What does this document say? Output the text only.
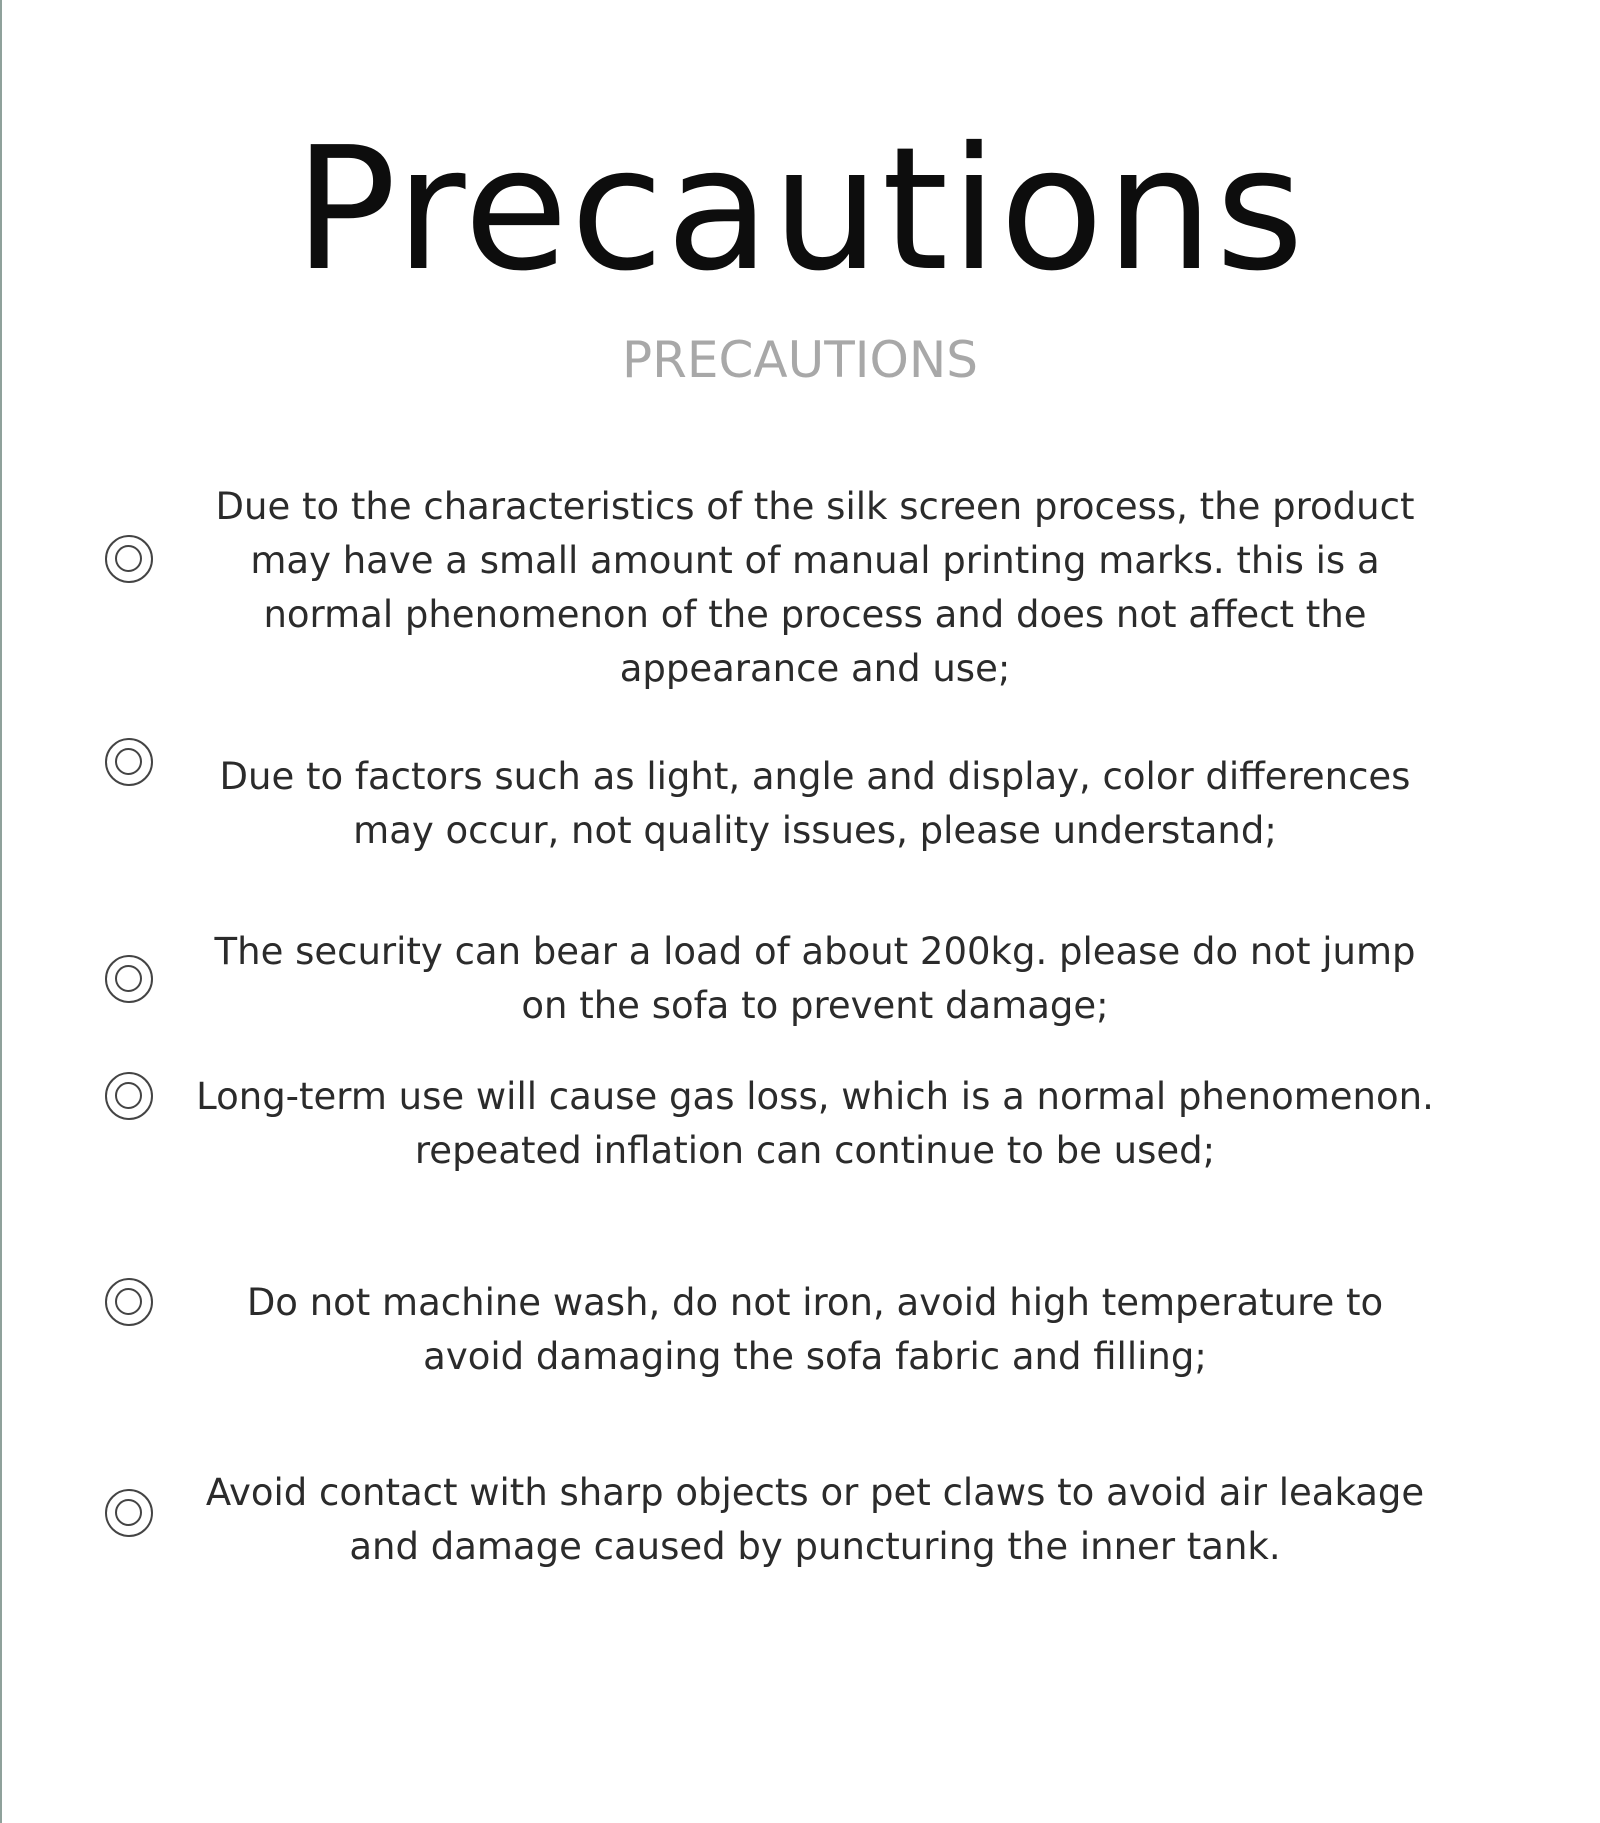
Precautions
PRECAUTIONS
Due to the characteristics of the silk screen process, the product
may have a small amount of manual printing marks. this is a
normal phenomenon of the process and does not affect the
appearance and use;
Due to factors such as light, angle and display, color differences
may occur, not quality issues, please understand;
The security can bear a load of about 200kg. please do not jump
on the sofa to prevent damage;
Long-term use will cause gas loss, which is a normal phenomenon.
repeated inflation can continue to be used;
Do not machine wash, do not iron, avoid high temperature to
avoid damaging the sofa fabric and filling;
Avoid contact with sharp objects or pet claws to avoid air leakage
and damage caused by puncturing the inner tank.
